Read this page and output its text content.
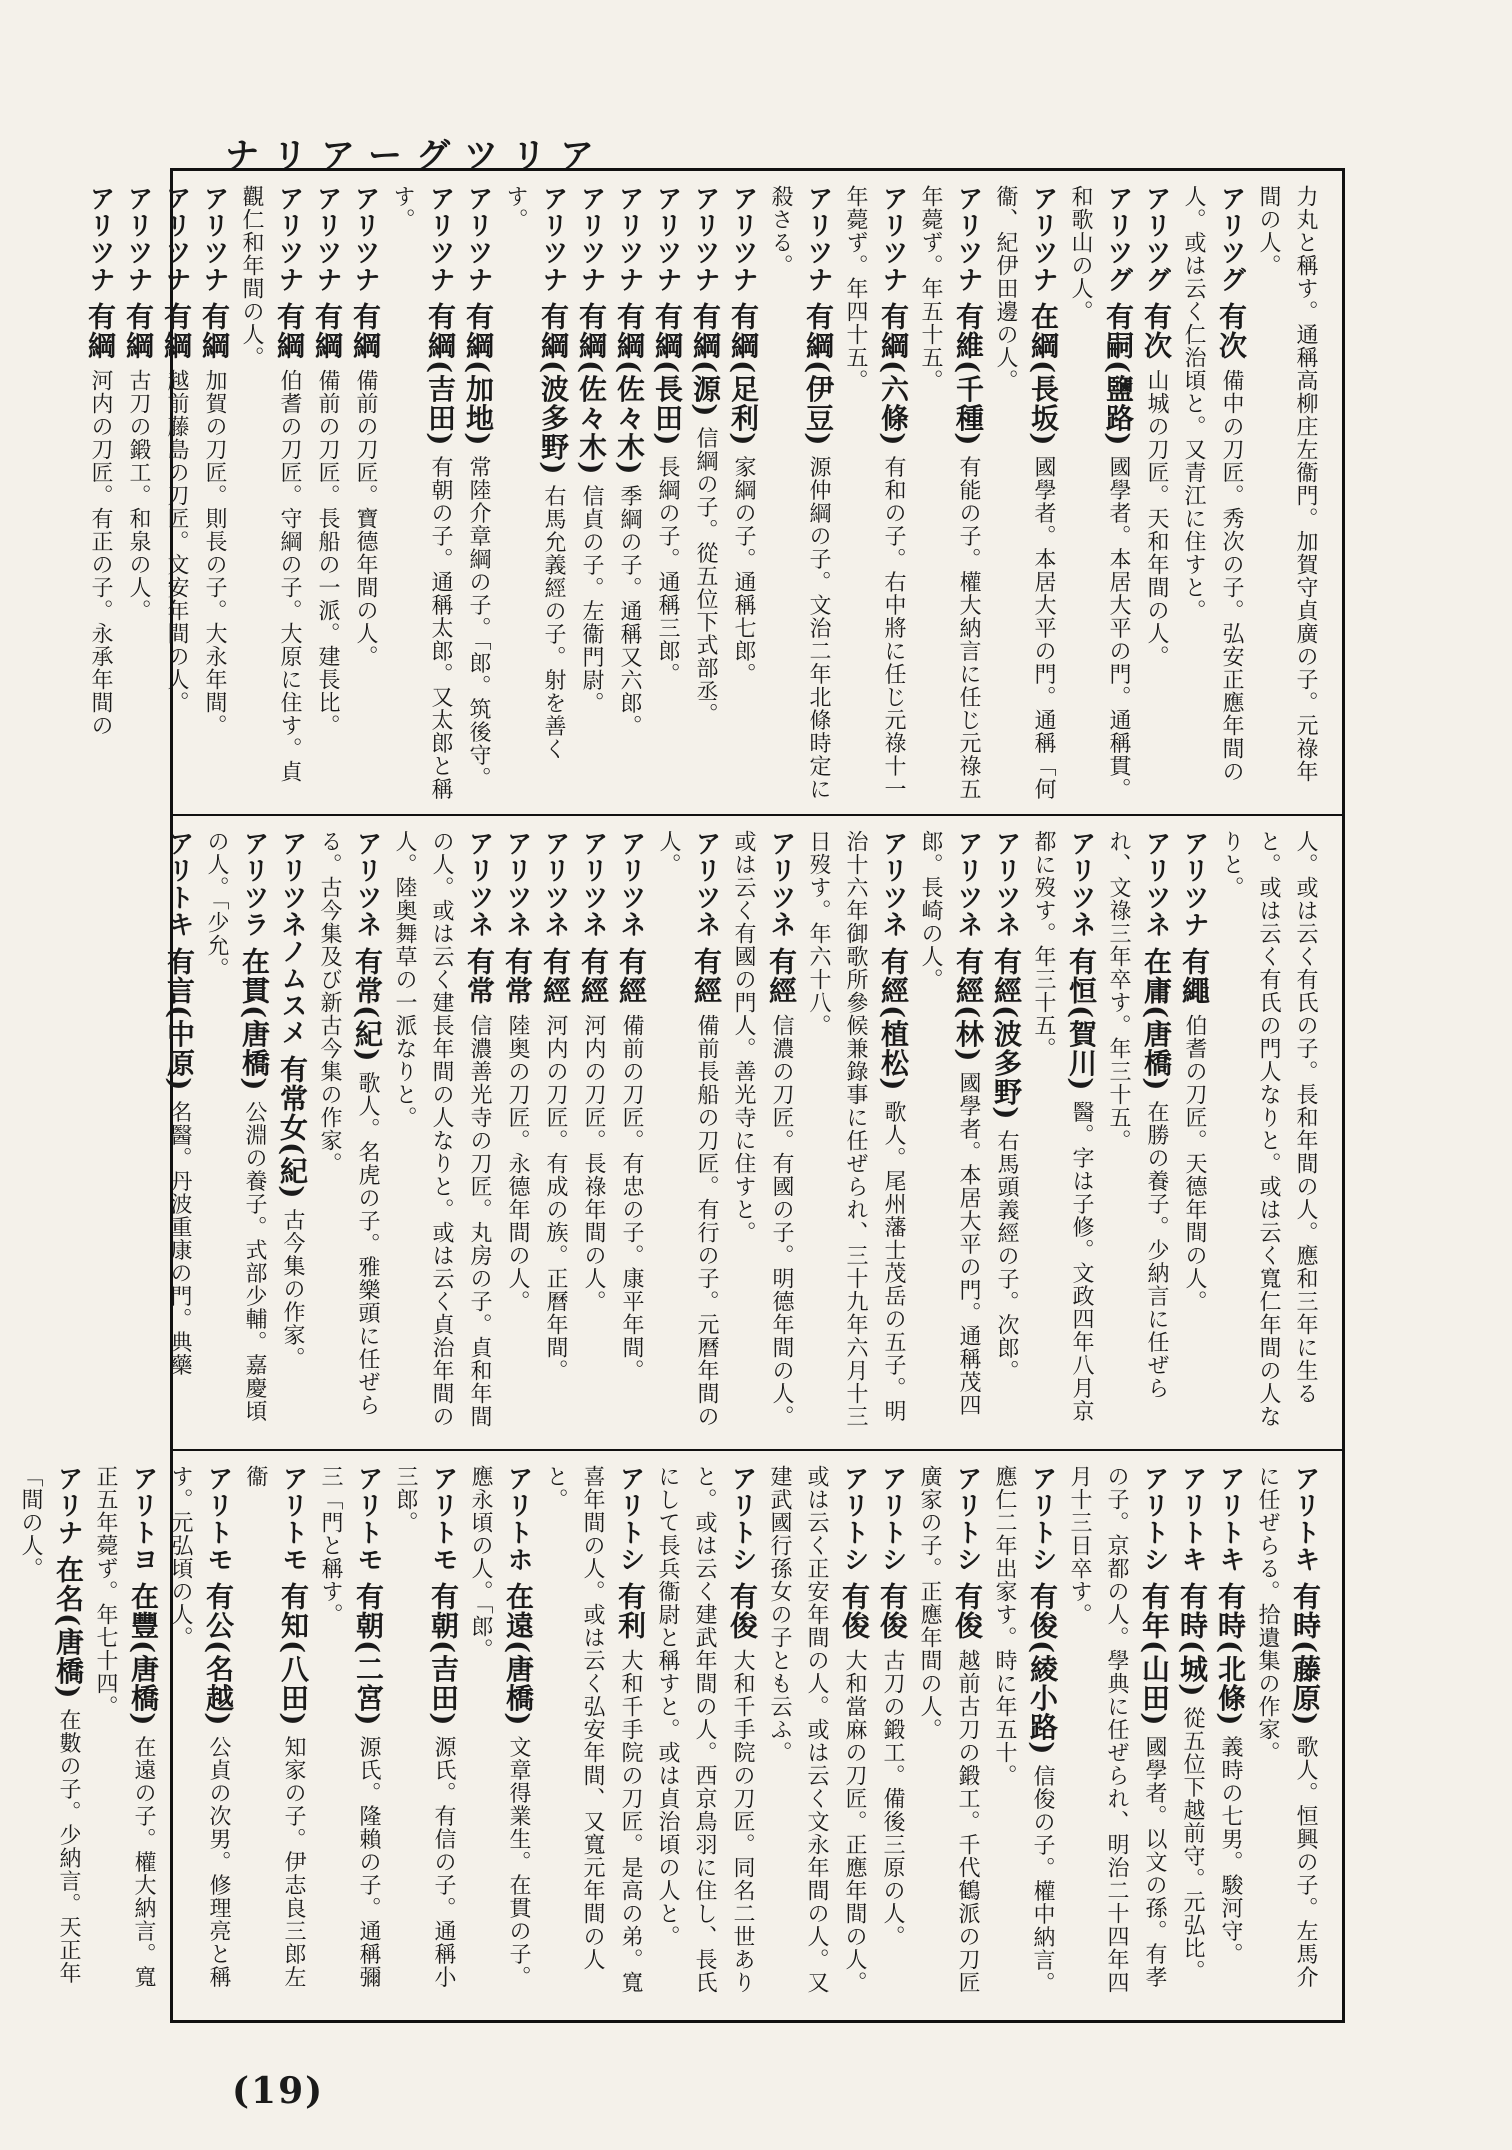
ナリアーグツリア

力丸と稱す。通稱高柳庄左衞門。加賀守貞廣の子。元祿年間の人。

アリツグ 有次 備中の刀匠。秀次の子。弘安正應年間の人。或は云く仁治頃と。又青江に住すと。

アリツグ 有次 山城の刀匠。天和年間の人。

アリツグ 有嗣(鹽路) 國學者。本居大平の門。通稱貫。和歌山の人。

アリツナ 在綱(長坂) 國學者。本居大平の門。通稱「何衞、紀伊田邊の人。

アリツナ 有維(千種) 有能の子。權大納言に任じ元祿五年薨ず。年五十五。

アリツナ 有綱(六條) 有和の子。右中將に任じ元祿十一年薨ず。年四十五。

アリツナ 有綱(伊豆) 源仲綱の子。文治二年北條時定に殺さる。

アリツナ 有綱(足利) 家綱の子。通稱七郎。

アリツナ 有綱(源) 信綱の子。從五位下式部丞。

アリツナ 有綱(長田) 長綱の子。通稱三郎。

アリツナ 有綱(佐々木) 季綱の子。通稱又六郎。

アリツナ 有綱(佐々木) 信貞の子。左衞門尉。

アリツナ 有綱(波多野) 右馬允義經の子。射を善くす。

アリツナ 有綱(加地) 常陸介章綱の子。「郎。筑後守。

アリツナ 有綱(吉田) 有朝の子。通稱太郎。又太郎と稱す。

アリツナ 有綱 備前の刀匠。寶德年間の人。

アリツナ 有綱 備前の刀匠。長船の一派。建長比。

アリツナ 有綱 伯耆の刀匠。守綱の子。大原に住す。貞觀仁和年間の人。

アリツナ 有綱 加賀の刀匠。則長の子。大永年間。

アリツナ 有綱 越前藤島の刀匠。文安年間の人。

アリツナ 有綱 古刀の鍛工。和泉の人。

アリツナ 有綱 河内の刀匠。有正の子。永承年間の

人。或は云く有氏の子。長和年間の人。應和三年に生ると。或は云く有氏の門人なりと。或は云く寬仁年間の人なりと。

アリツナ 有繩 伯耆の刀匠。天德年間の人。

アリツネ 在庸(唐橋) 在勝の養子。少納言に任ぜられ、文祿三年卒す。年三十五。

アリツネ 有恒(賀川) 醫。字は子修。文政四年八月京都に歿す。年三十五。

アリツネ 有經(波多野) 右馬頭義經の子。次郎。

アリツネ 有經(林) 國學者。本居大平の門。通稱茂四郎。長崎の人。

アリツネ 有經(植松) 歌人。尾州藩士茂岳の五子。明治十六年御歌所參候兼錄事に任ぜられ、三十九年六月十三日歿す。年六十八。

アリツネ 有經 信濃の刀匠。有國の子。明德年間の人。或は云く有國の門人。善光寺に住すと。

アリツネ 有經 備前長船の刀匠。有行の子。元曆年間の人。

アリツネ 有經 備前の刀匠。有忠の子。康平年間。

アリツネ 有經 河内の刀匠。長祿年間の人。

アリツネ 有經 河内の刀匠。有成の族。正曆年間。

アリツネ 有常 陸奥の刀匠。永德年間の人。

アリツネ 有常 信濃善光寺の刀匠。丸房の子。貞和年間の人。或は云く建長年間の人なりと。或は云く貞治年間の人。陸奥舞草の一派なりと。

アリツネ 有常(紀) 歌人。名虎の子。雅樂頭に任ぜらる。古今集及び新古今集の作家。

アリツネノムスメ 有常女(紀) 古今集の作家。

アリツラ 在貫(唐橋) 公淵の養子。式部少輔。嘉慶頃の人。「少允。

アリトキ 有言(中原) 名醫。丹波重康の門。典藥

アリトキ 有時(藤原) 歌人。恒興の子。左馬介に任ぜらる。拾遺集の作家。

アリトキ 有時(北條) 義時の七男。駿河守。

アリトキ 有時(城) 從五位下越前守。元弘比。

アリトシ 有年(山田) 國學者。以文の孫。有孝の子。京都の人。學典に任ぜられ、明治二十四年四月十三日卒す。

アリトシ 有俊(綾小路) 信俊の子。權中納言。應仁二年出家す。時に年五十。

アリトシ 有俊 越前古刀の鍛工。千代鶴派の刀匠廣家の子。正應年間の人。

アリトシ 有俊 古刀の鍛工。備後三原の人。

アリトシ 有俊 大和當麻の刀匠。正應年間の人。或は云く正安年間の人。或は云く文永年間の人。又建武國行孫女の子とも云ふ。

アリトシ 有俊 大和千手院の刀匠。同名二世ありと。或は云く建武年間の人。西京鳥羽に住し、長氏にして長兵衞尉と稱すと。或は貞治頃の人と。

アリトシ 有利 大和千手院の刀匠。是高の弟。寬喜年間の人。或は云く弘安年間、又寬元年間の人と。

アリトホ 在遠(唐橋) 文章得業生。在貫の子。應永頃の人。「郎。

アリトモ 有朝(吉田) 源氏。有信の子。通稱小三郎。

アリトモ 有朝(二宮) 源氏。隆賴の子。通稱彌三「門と稱す。

アリトモ 有知(八田) 知家の子。伊志良三郎左衞

アリトモ 有公(名越) 公貞の次男。修理亮と稱す。元弘頃の人。

アリトヨ 在豐(唐橋) 在遠の子。權大納言。寬正五年薨ず。年七十四。

アリナ 在名(唐橋) 在數の子。少納言。天正年「間の人。

(19)
